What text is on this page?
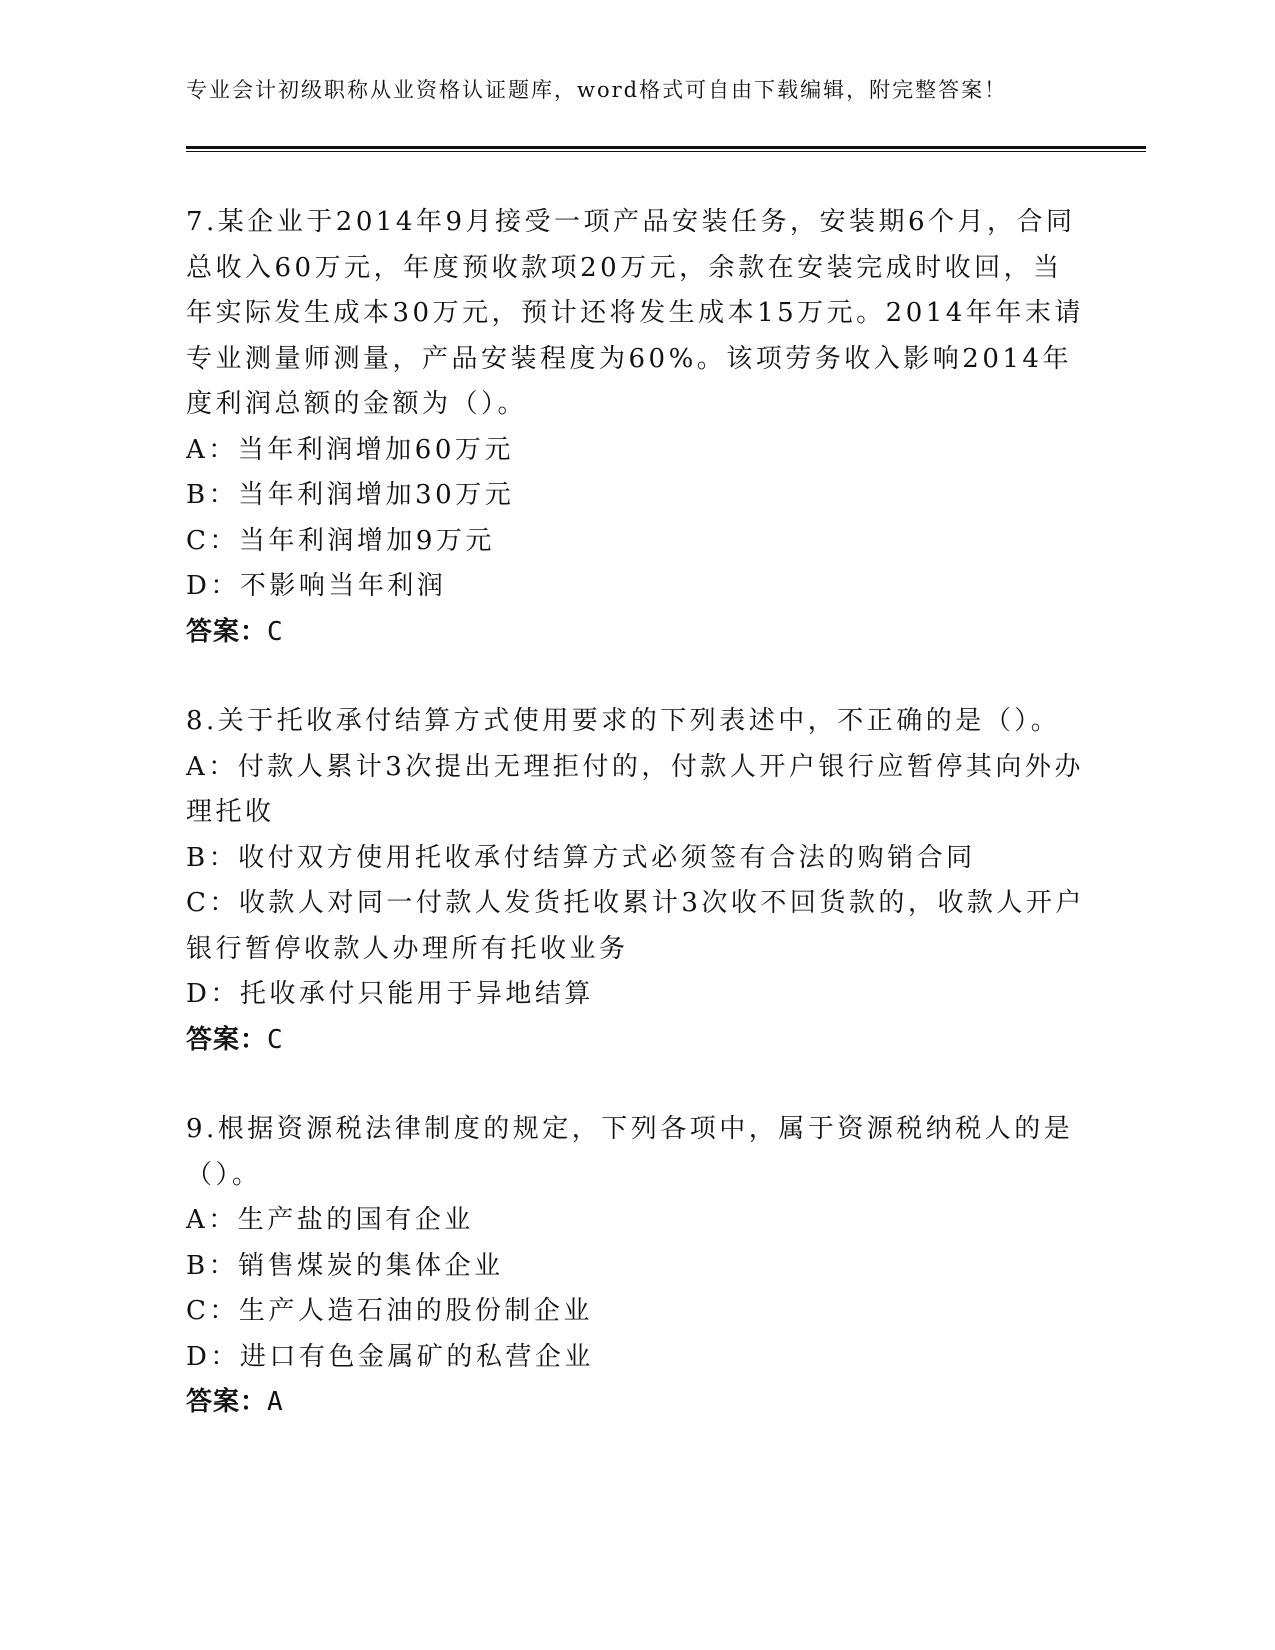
专业会计初级职称从业资格认证题库，word格式可自由下载编辑，附完整答案！

7.某企业于2014年9月接受一项产品安装任务，安装期6个月，合同总收入60万元，年度预收款项20万元，余款在安装完成时收回，当年实际发生成本30万元，预计还将发生成本15万元。2014年年末请专业测量师测量，产品安装程度为60%。该项劳务收入影响2014年度利润总额的金额为（）。

A：当年利润增加60万元

B：当年利润增加30万元

C：当年利润增加9万元

D：不影响当年利润

答案：C

8.关于托收承付结算方式使用要求的下列表述中，不正确的是（）。

A：付款人累计3次提出无理拒付的，付款人开户银行应暂停其向外办理托收

B：收付双方使用托收承付结算方式必须签有合法的购销合同

C：收款人对同一付款人发货托收累计3次收不回货款的，收款人开户银行暂停收款人办理所有托收业务

D：托收承付只能用于异地结算

答案：C

9.根据资源税法律制度的规定，下列各项中，属于资源税纳税人的是（）。

A：生产盐的国有企业

B：销售煤炭的集体企业

C：生产人造石油的股份制企业

D：进口有色金属矿的私营企业

答案：A
